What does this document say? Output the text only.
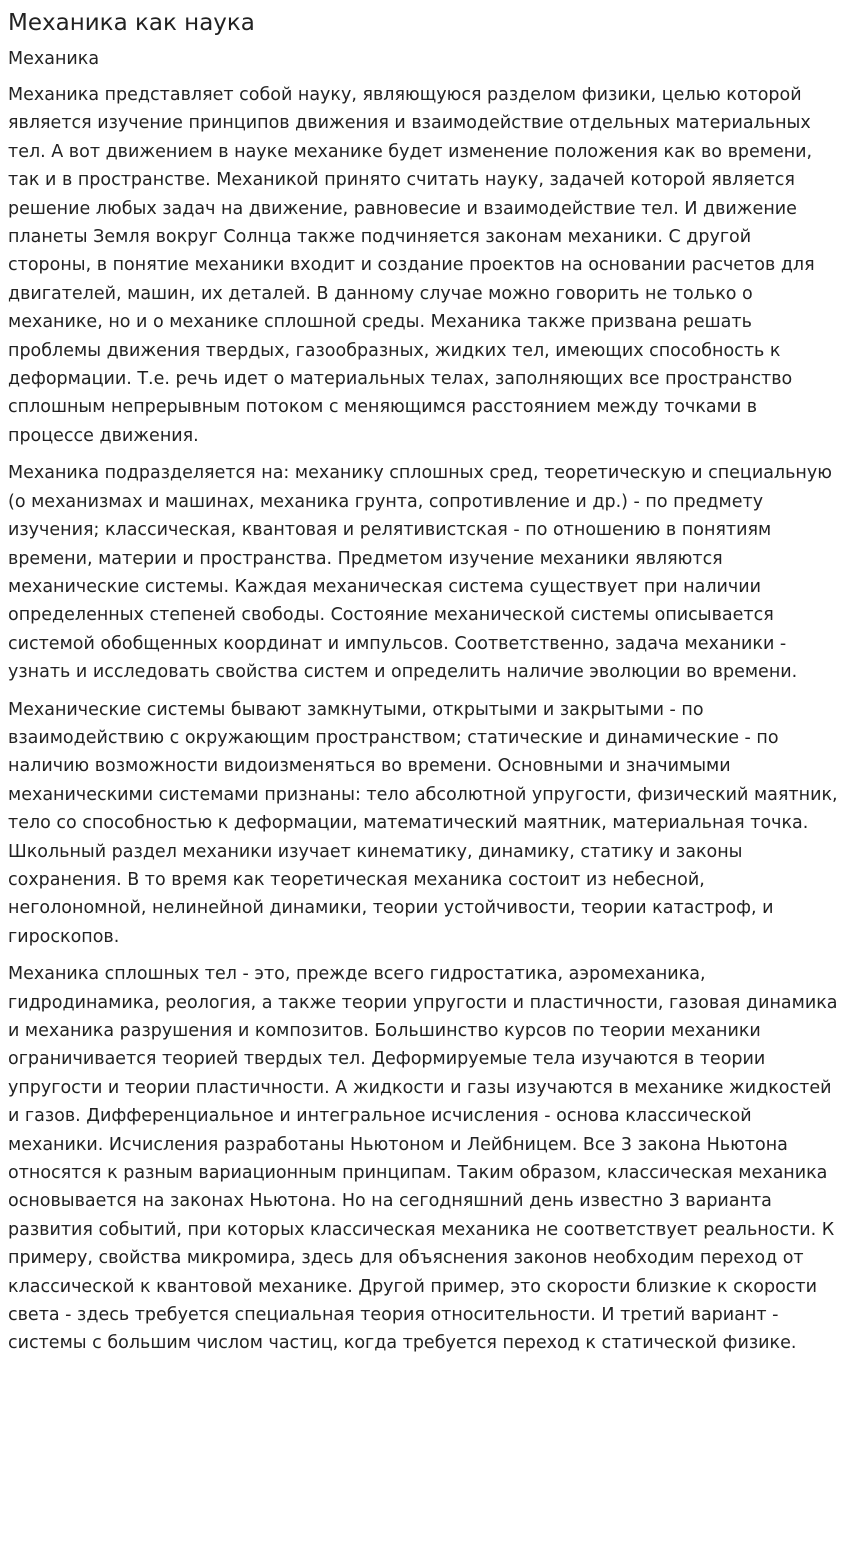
Механика как наука
Механика

Механика представляет собой науку, являющуюся разделом физики, целью которой является изучение принципов движения и взаимодействие отдельных материальных тел. А вот движением в науке механике будет изменение положения как во времени, так и в пространстве. Механикой принято считать науку, задачей которой является решение любых задач на движение, равновесие и взаимодействие тел. И движение планеты Земля вокруг Солнца также подчиняется законам механики. С другой стороны, в понятие механики входит и создание проектов на основании расчетов для двигателей, машин, их деталей. В данному случае можно говорить не только о механике, но и о механике сплошной среды. Механика также призвана решать проблемы движения твердых, газообразных, жидких тел, имеющих способность к деформации. Т.е. речь идет о материальных телах, заполняющих все пространство сплошным непрерывным потоком с меняющимся расстоянием между точками в процессе движения.

Механика подразделяется на: механику сплошных сред, теоретическую и специальную (о механизмах и машинах, механика грунта, сопротивление и др.) - по предмету изучения; классическая, квантовая и релятивистская - по отношению в понятиям времени, материи и пространства. Предметом изучение механики являются механические системы. Каждая механическая система существует при наличии определенных степеней свободы. Состояние механической системы описывается системой обобщенных координат и импульсов. Соответственно, задача механики - узнать и исследовать свойства систем и определить наличие эволюции во времени.

Механические системы бывают замкнутыми, открытыми и закрытыми - по взаимодействию с окружающим пространством; статические и динамические - по наличию возможности видоизменяться во времени. Основными и значимыми механическими системами признаны: тело абсолютной упругости, физический маятник, тело со способностью к деформации, математический маятник, материальная точка. Школьный раздел механики изучает кинематику, динамику, статику и законы сохранения. В то время как теоретическая механика состоит из небесной, неголономной, нелинейной динамики, теории устойчивости, теории катастроф, и гироскопов.

Механика сплошных тел - это, прежде всего гидростатика, аэромеханика, гидродинамика, реология, а также теории упругости и пластичности, газовая динамика и механика разрушения и композитов. Большинство курсов по теории механики ограничивается теорией твердых тел. Деформируемые тела изучаются в теории упругости и теории пластичности. А жидкости и газы изучаются в механике жидкостей и газов. Дифференциальное и интегральное исчисления - основа классической механики. Исчисления разработаны Ньютоном и Лейбницем. Все 3 закона Ньютона относятся к разным вариационным принципам. Таким образом, классическая механика основывается на законах Ньютона. Но на сегодняшний день известно 3 варианта развития событий, при которых классическая механика не соответствует реальности. К примеру, свойства микромира, здесь для объяснения законов необходим переход от классической к квантовой механике. Другой пример, это скорости близкие к скорости света - здесь требуется специальная теория относительности. И третий вариант - системы с большим числом частиц, когда требуется переход к статической физике.
